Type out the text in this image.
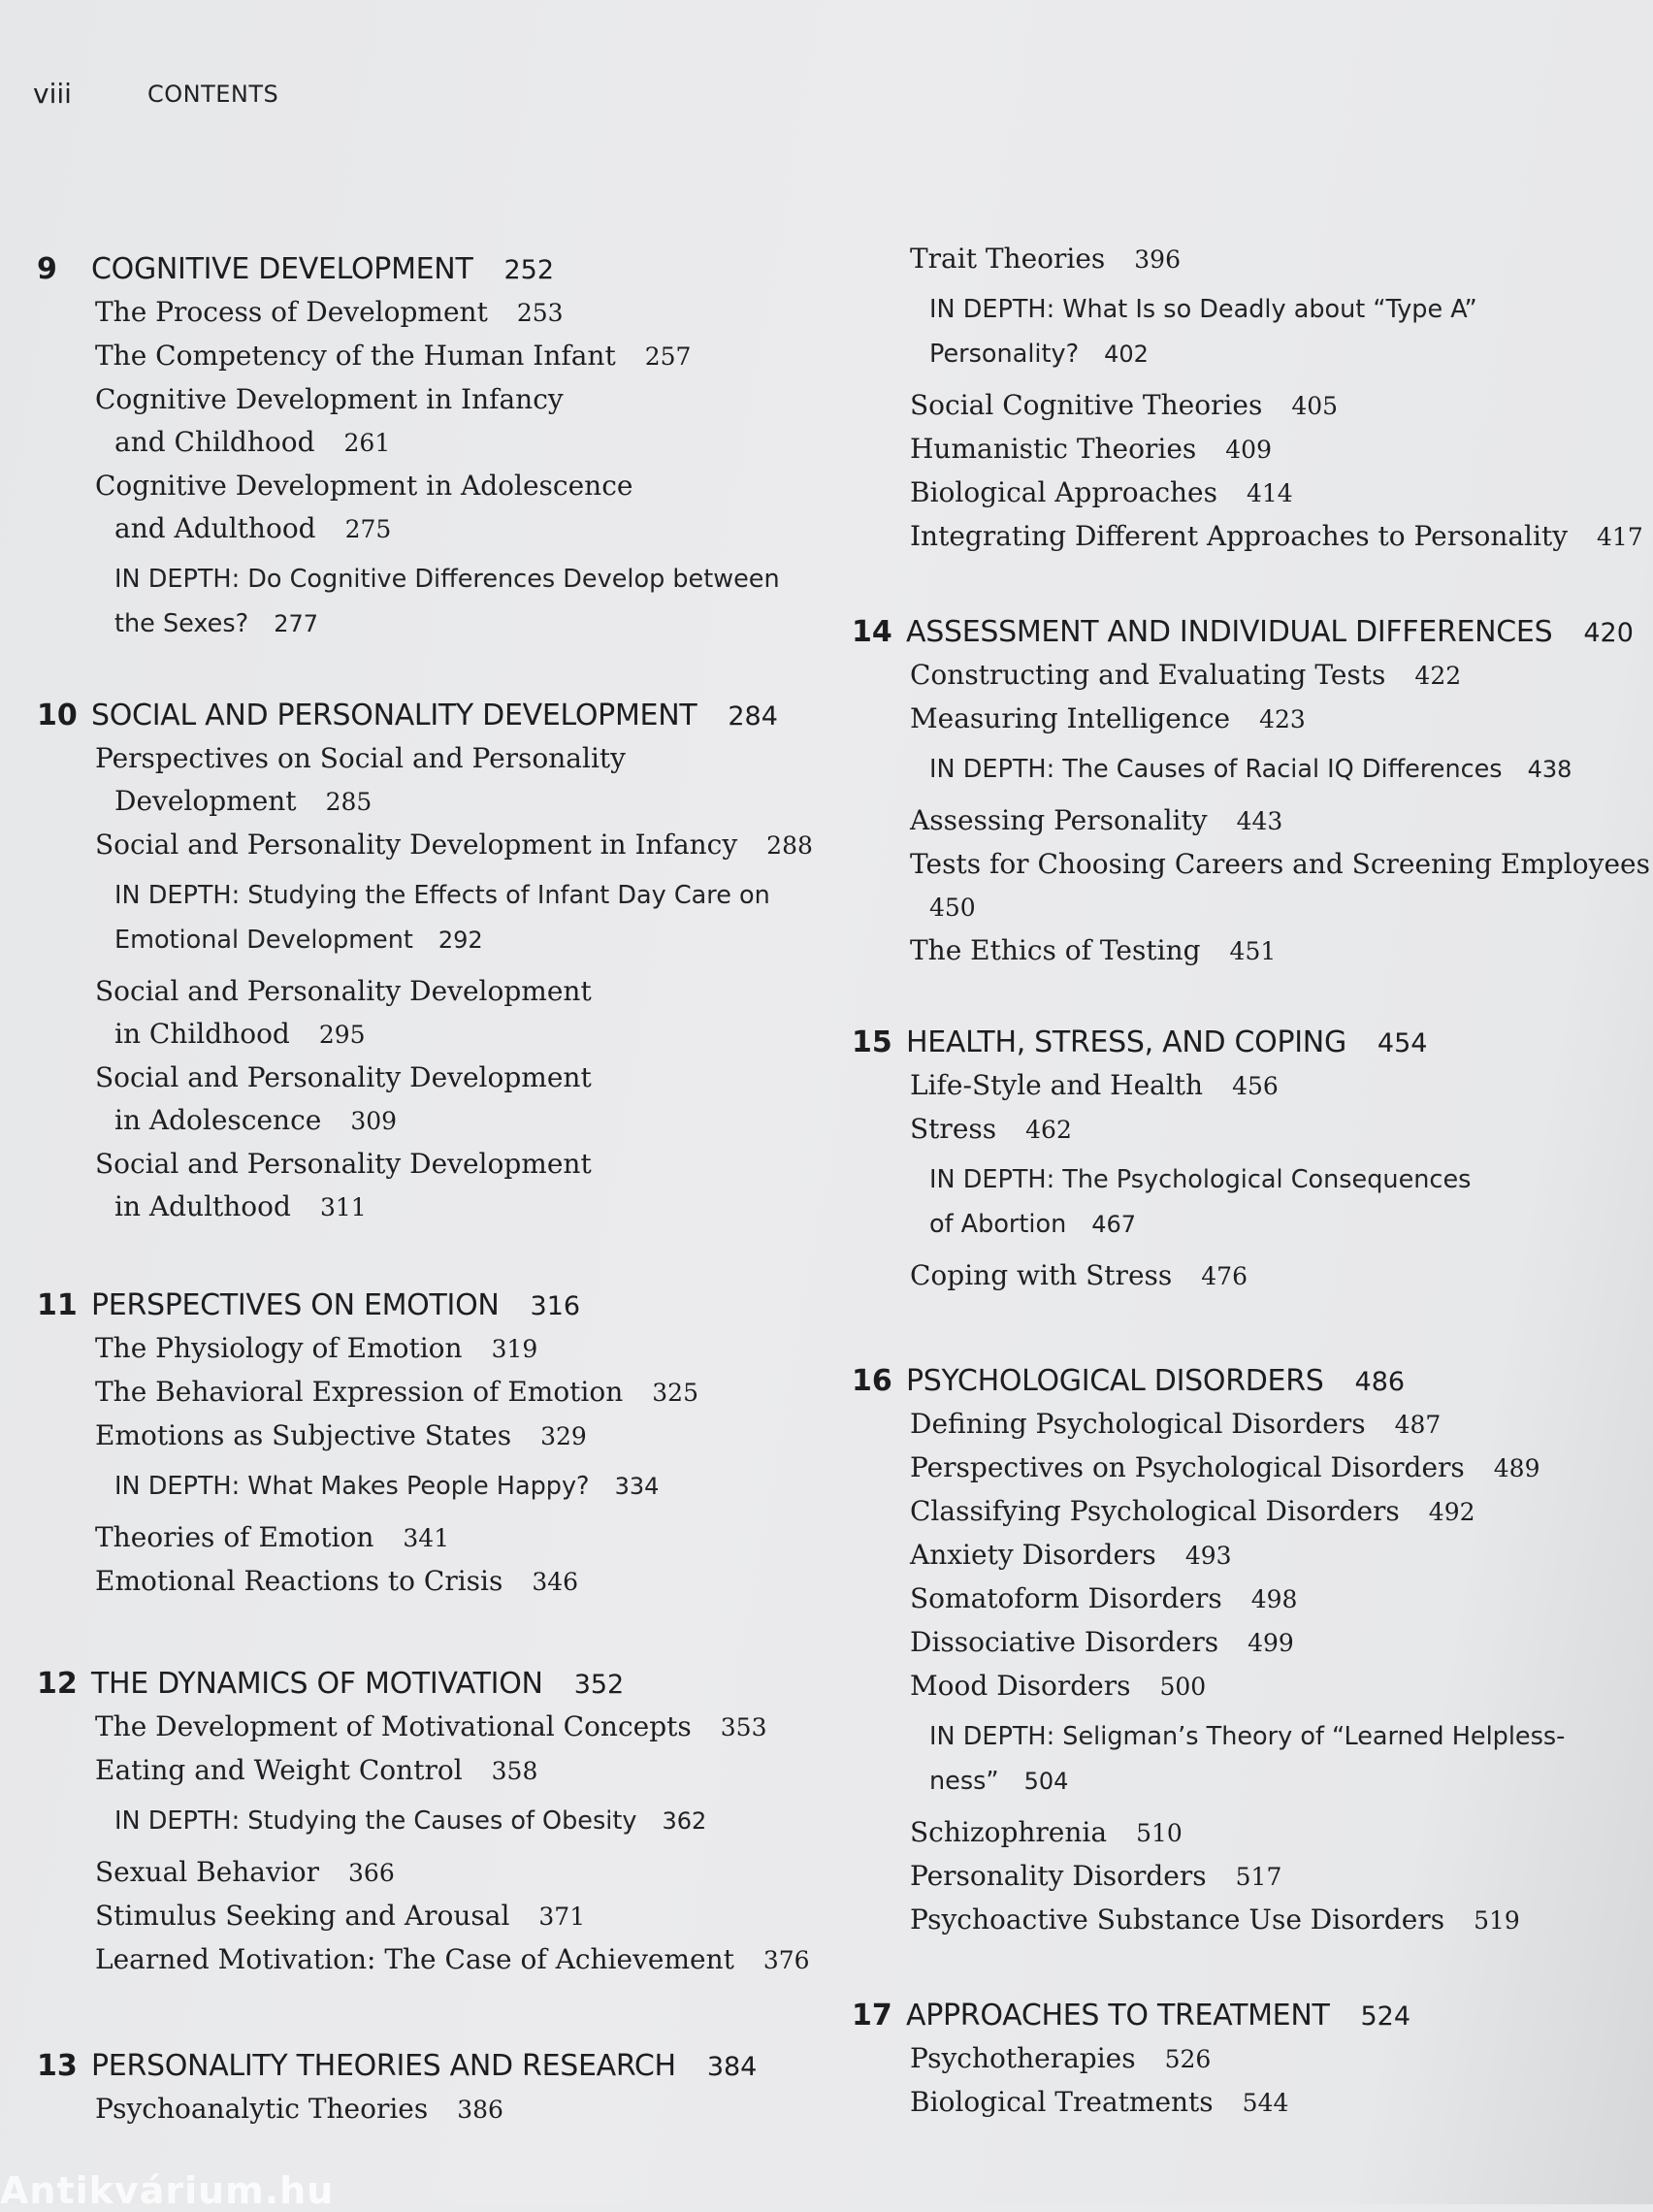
viii	CONTENTS
9	COGNITIVE DEVELOPMENT 252
The Process of Development 253
The Competency of the Human Infant 257
Cognitive Development in Infancy
and Childhood 261
Cognitive Development in Adolescence
and Adulthood 275
IN DEPTH: Do Cognitive Differences Develop between
the Sexes? 277
10 SOCIAL AND PERSONALITY DEVELOPMENT 284
Perspectives on Social and Personality
Development 285
Social and Personality Development in Infancy 288
IN DEPTH: Studying the Effects of Infant Day Care on
Emotional Development 292
Social and Personality Development
in Childhood 295
Social and Personality Development
in Adolescence 309
Social and Personality Development
in Adulthood 311
11 PERSPECTIVES ON EMOTION 316
The Physiology of Emotion 319
The Behavioral Expression of Emotion 325
Emotions as Subjective States 329
IN DEPTH: What Makes People Happy? 334
Theories of Emotion 341
Emotional Reactions to Crisis 346
12 THE DYNAMICS OF MOTIVATION 352
The Development of Motivational Concepts 353
Eating and Weight Control 358
IN DEPTH: Studying the Causes of Obesity 362
Sexual Behavior 366
Stimulus Seeking and Arousal 371
Learned Motivation: The Case of Achievement 376
13 PERSONALITY THEORIES AND RESEARCH 384
Psychoanalytic Theories 386
Trait Theories 396
IN DEPTH: What Is so Deadly about “Type A”
Personality? 402
Social Cognitive Theories 405
Humanistic Theories 409
Biological Approaches 414
Integrating Different Approaches to Personality 417
14 ASSESSMENT AND INDIVIDUAL DIFFERENCES 420
Constructing and Evaluating Tests 422
Measuring Intelligence 423
IN DEPTH: The Causes of Racial IQ Differences 438
Assessing Personality 443
Tests for Choosing Careers and Screening Employees
450
The Ethics of Testing 451
15 HEALTH, STRESS, AND COPING 454
Life-Style and Health 456
Stress 462
IN DEPTH: The Psychological Consequences
of Abortion 467
Coping with Stress 476
16 PSYCHOLOGICAL DISORDERS 486
Defining Psychological Disorders 487
Perspectives on Psychological Disorders 489
Classifying Psychological Disorders 492
Anxiety Disorders 493
Somatoform Disorders 498
Dissociative Disorders 499
Mood Disorders 500
IN DEPTH: Seligman’s Theory of “Learned Helpless-
ness” 504
Schizophrenia 510
Personality Disorders 517
Psychoactive Substance Use Disorders 519
17 APPROACHES TO TREATMENT 524
Psychotherapies 526
Biological Treatments 544
Antikvárium.hu
